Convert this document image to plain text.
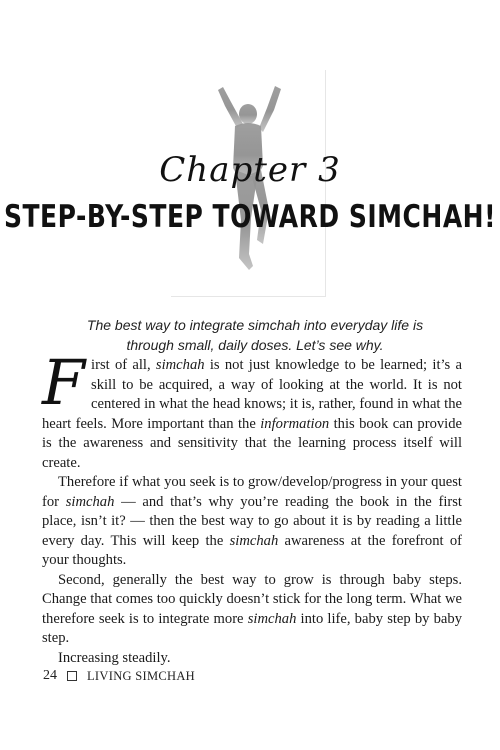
Chapter 3
STEP-BY-STEP TOWARD SIMCHAH!
The best way to integrate simchah into everyday life is
through small, daily doses. Let’s see why.

First of all, simchah is not just knowledge to be learned; it’s a skill to be acquired, a way of looking at the world. It is not centered in what the head knows; it is, rather, found in what the heart feels. More important than the information this book can provide is the awareness and sensitivity that the learning process itself will create.

Therefore if what you seek is to grow/develop/progress in your quest for simchah — and that’s why you’re reading the book in the first place, isn’t it? — then the best way to go about it is by reading a little every day. This will keep the simchah awareness at the forefront of your thoughts.

Second, generally the best way to grow is through baby steps. Change that comes too quickly doesn’t stick for the long term. What we therefore seek is to integrate more simchah into life, baby step by baby step.

Increasing steadily.

24 LIVING SIMCHAH
